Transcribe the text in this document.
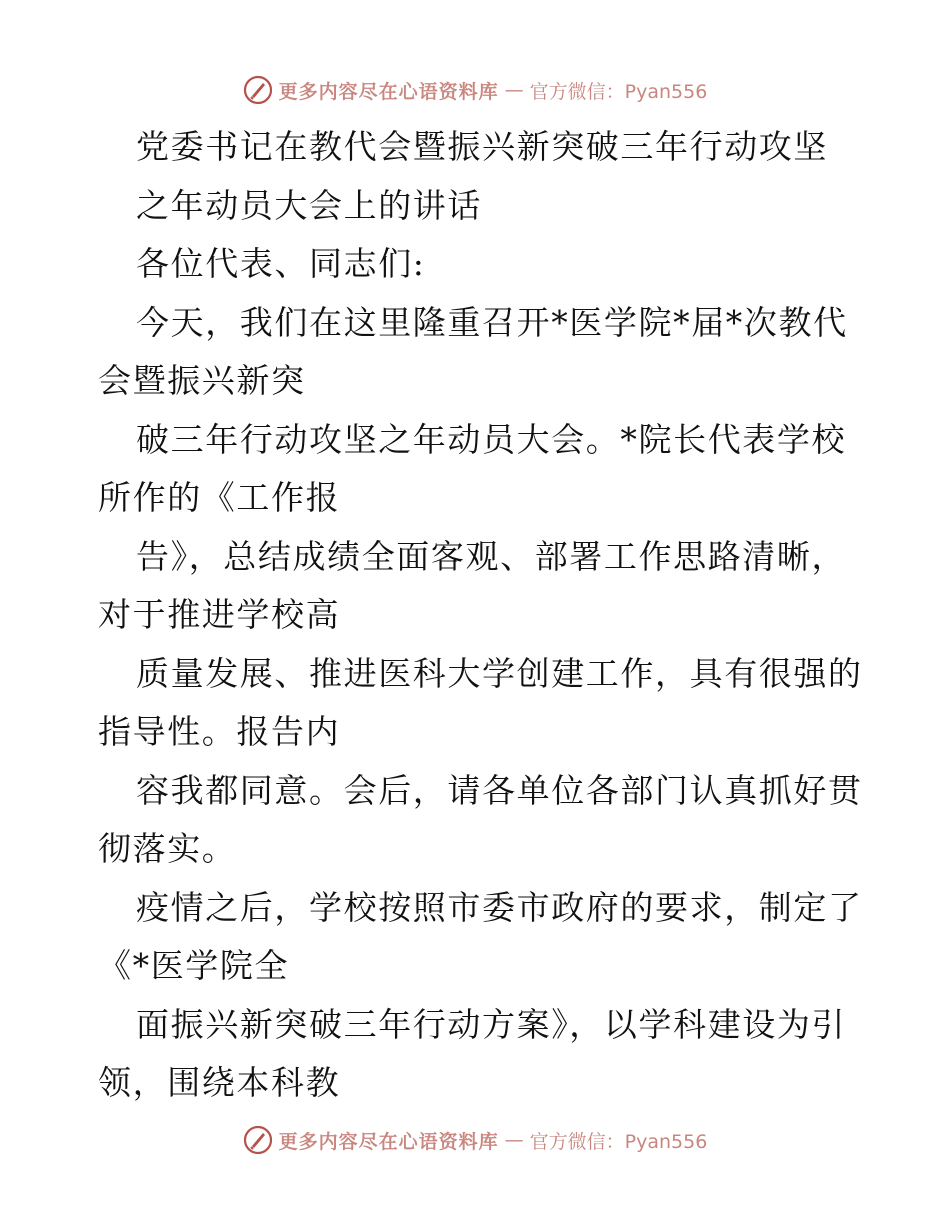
更多内容尽在心语资料库 — 官方微信：Pyan556
党委书记在教代会暨振兴新突破三年行动攻坚
之年动员大会上的讲话
各位代表、同志们:
今天，我们在这里隆重召开*医学院*届*次教代
会暨振兴新突
破三年行动攻坚之年动员大会。*院长代表学校
所作的《工作报
告》，总结成绩全面客观、部署工作思路清晰，
对于推进学校高
质量发展、推进医科大学创建工作，具有很强的
指导性。报告内
容我都同意。会后，请各单位各部门认真抓好贯
彻落实。
疫情之后，学校按照市委市政府的要求，制定了
《*医学院全
面振兴新突破三年行动方案》，以学科建设为引
领，围绕本科教
更多内容尽在心语资料库 — 官方微信：Pyan556
